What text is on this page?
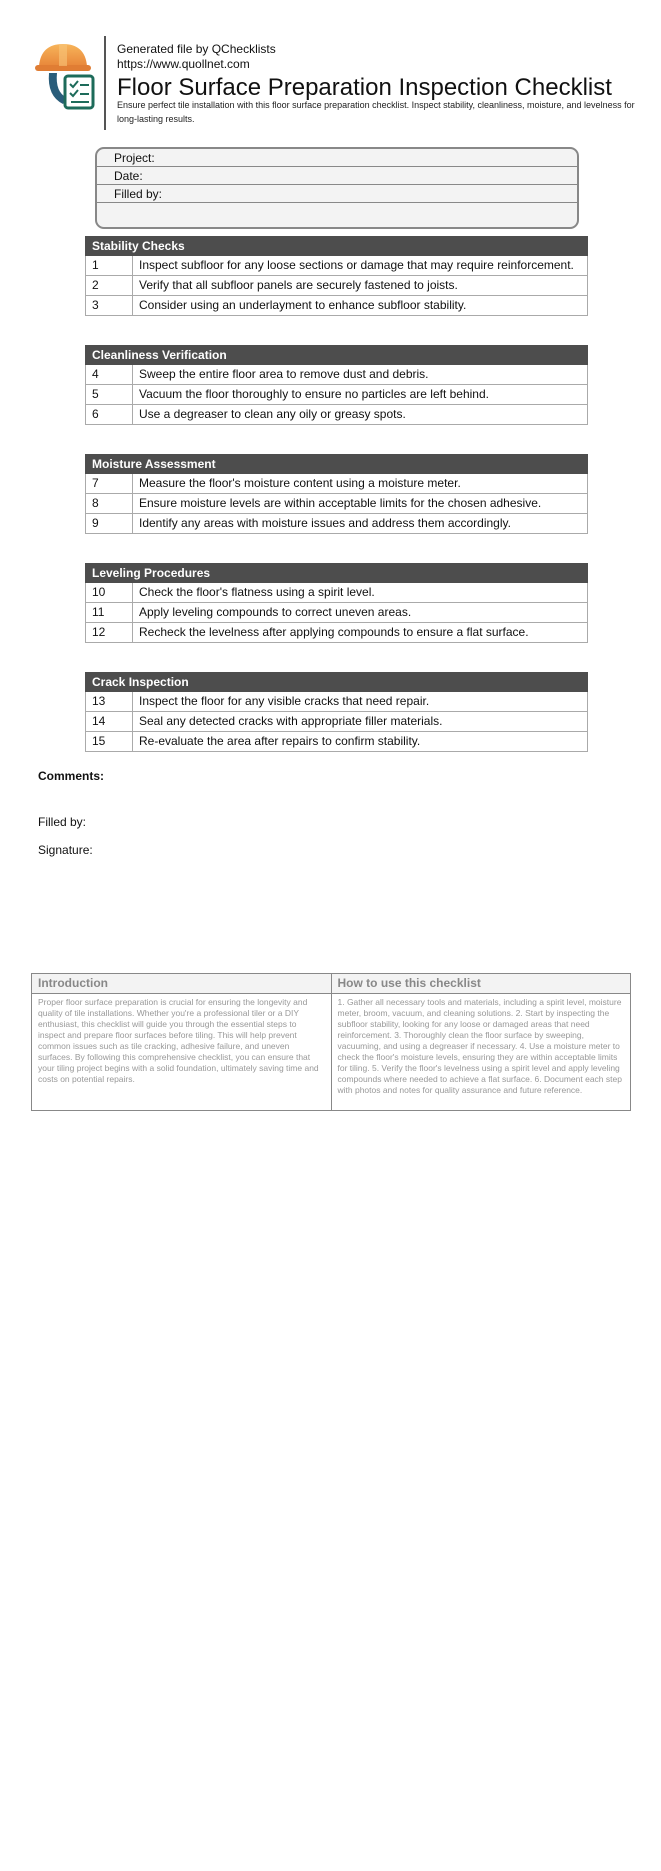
Generated file by QChecklists
https://www.quollnet.com
Floor Surface Preparation Inspection Checklist
Ensure perfect tile installation with this floor surface preparation checklist. Inspect stability, cleanliness, moisture, and levelness for long-lasting results.
Project:
Date:
Filled by:
Stability Checks
1	Inspect subfloor for any loose sections or damage that may require reinforcement.
2	Verify that all subfloor panels are securely fastened to joists.
3	Consider using an underlayment to enhance subfloor stability.
Cleanliness Verification
4	Sweep the entire floor area to remove dust and debris.
5	Vacuum the floor thoroughly to ensure no particles are left behind.
6	Use a degreaser to clean any oily or greasy spots.
Moisture Assessment
7	Measure the floor's moisture content using a moisture meter.
8	Ensure moisture levels are within acceptable limits for the chosen adhesive.
9	Identify any areas with moisture issues and address them accordingly.
Leveling Procedures
10	Check the floor's flatness using a spirit level.
11	Apply leveling compounds to correct uneven areas.
12	Recheck the levelness after applying compounds to ensure a flat surface.
Crack Inspection
13	Inspect the floor for any visible cracks that need repair.
14	Seal any detected cracks with appropriate filler materials.
15	Re-evaluate the area after repairs to confirm stability.
Comments:
Filled by:
Signature:
Introduction
Proper floor surface preparation is crucial for ensuring the longevity and quality of tile installations. Whether you're a professional tiler or a DIY enthusiast, this checklist will guide you through the essential steps to inspect and prepare floor surfaces before tiling. This will help prevent common issues such as tile cracking, adhesive failure, and uneven surfaces. By following this comprehensive checklist, you can ensure that your tiling project begins with a solid foundation, ultimately saving time and costs on potential repairs.
How to use this checklist
1. Gather all necessary tools and materials, including a spirit level, moisture meter, broom, vacuum, and cleaning solutions. 2. Start by inspecting the subfloor stability, looking for any loose or damaged areas that need reinforcement. 3. Thoroughly clean the floor surface by sweeping, vacuuming, and using a degreaser if necessary. 4. Use a moisture meter to check the floor's moisture levels, ensuring they are within acceptable limits for tiling. 5. Verify the floor's levelness using a spirit level and apply leveling compounds where needed to achieve a flat surface. 6. Document each step with photos and notes for quality assurance and future reference.
